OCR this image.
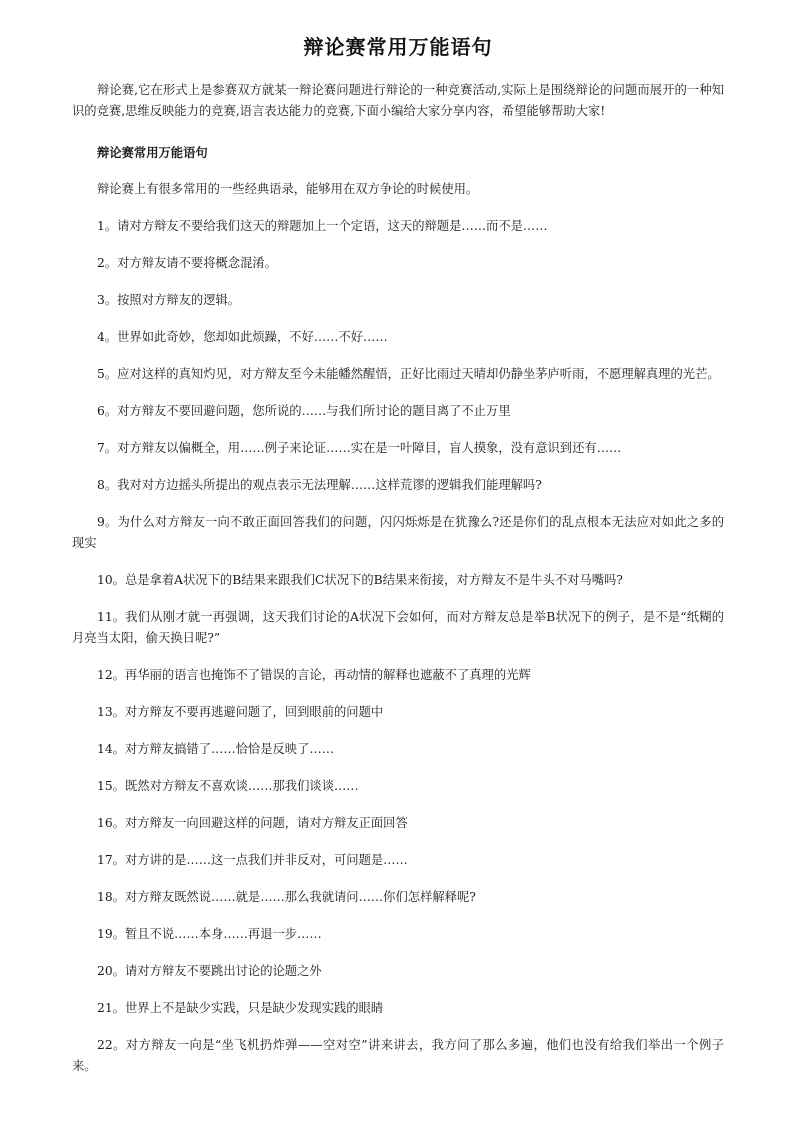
辩论赛常用万能语句

辩论赛,它在形式上是参赛双方就某一辩论赛问题进行辩论的一种竞赛活动,实际上是围绕辩论的问题而展开的一种知识的竞赛,思维反映能力的竞赛,语言表达能力的竞赛,下面小编给大家分享内容，希望能够帮助大家!

辩论赛常用万能语句

辩论赛上有很多常用的一些经典语录，能够用在双方争论的时候使用。

1。请对方辩友不要给我们这天的辩题加上一个定语，这天的辩题是……而不是……

2。对方辩友请不要将概念混淆。

3。按照对方辩友的逻辑。

4。世界如此奇妙，您却如此烦躁，不好……不好……

5。应对这样的真知灼见，对方辩友至今未能幡然醒悟，正好比雨过天晴却仍静坐茅庐听雨，不愿理解真理的光芒。

6。对方辩友不要回避问题，您所说的……与我们所讨论的题目离了不止万里

7。对方辩友以偏概全，用……例子来论证……实在是一叶障目，盲人摸象，没有意识到还有……

8。我对对方边摇头所提出的观点表示无法理解……这样荒谬的逻辑我们能理解吗?

9。为什么对方辩友一向不敢正面回答我们的问题，闪闪烁烁是在犹豫么?还是你们的乱点根本无法应对如此之多的现实

10。总是拿着A状况下的B结果来跟我们C状况下的B结果来衔接，对方辩友不是牛头不对马嘴吗?

11。我们从刚才就一再强调，这天我们讨论的A状况下会如何，而对方辩友总是举B状况下的例子，是不是“纸糊的月亮当太阳，偷天换日呢?”

12。再华丽的语言也掩饰不了错误的言论，再动情的解释也遮蔽不了真理的光辉

13。对方辩友不要再逃避问题了，回到眼前的问题中

14。对方辩友搞错了……恰恰是反映了……

15。既然对方辩友不喜欢谈……那我们谈谈……

16。对方辩友一向回避这样的问题，请对方辩友正面回答

17。对方讲的是……这一点我们并非反对，可问题是……

18。对方辩友既然说……就是……那么我就请问……你们怎样解释呢?

19。暂且不说……本身……再退一步……

20。请对方辩友不要跳出讨论的论题之外

21。世界上不是缺少实践，只是缺少发现实践的眼睛

22。对方辩友一向是“坐飞机扔炸弹——空对空”讲来讲去，我方问了那么多遍，他们也没有给我们举出一个例子来。
